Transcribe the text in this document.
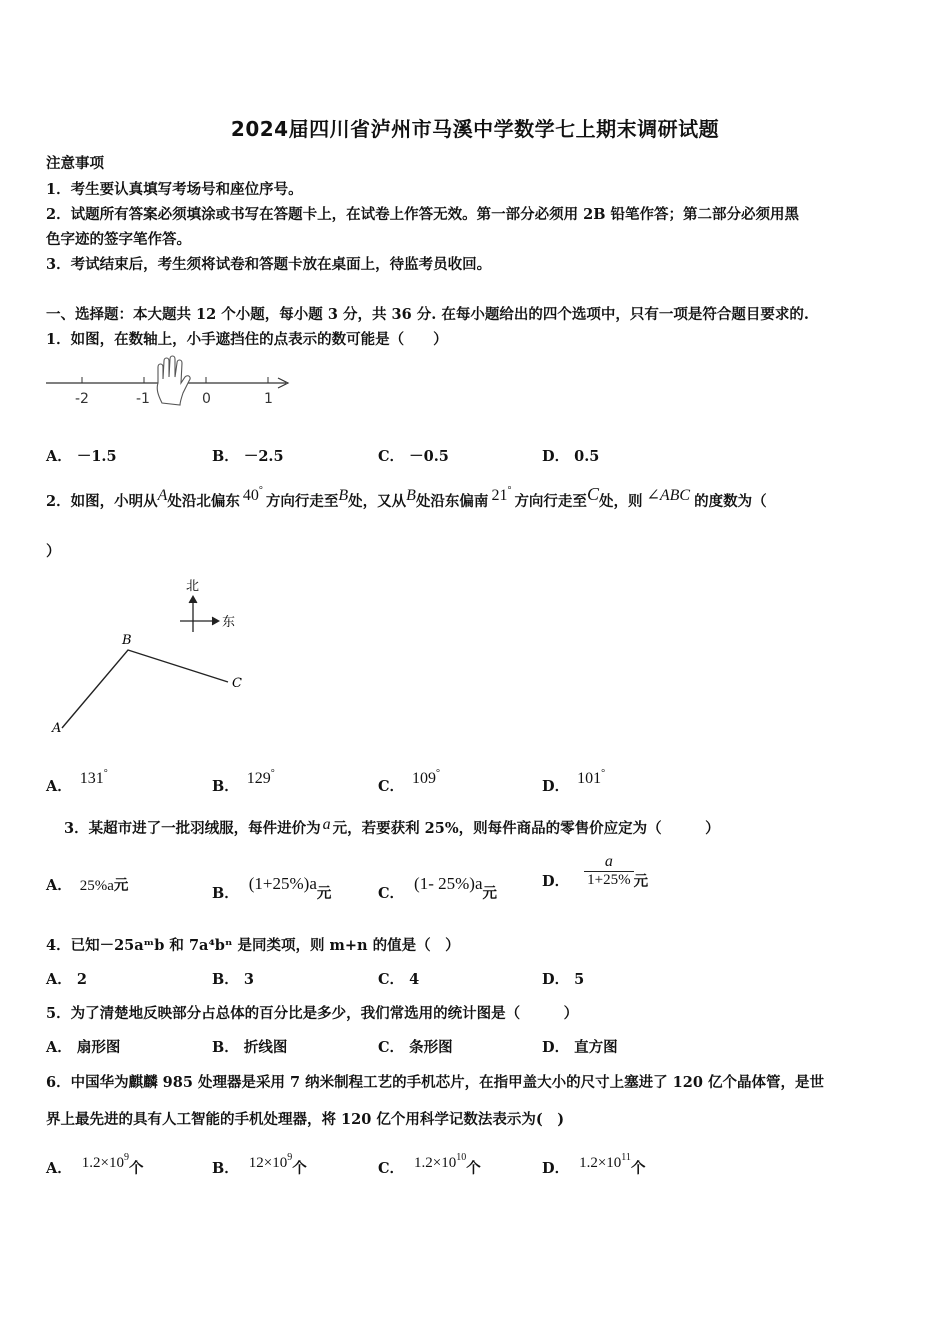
2024届四川省泸州市马溪中学数学七上期末调研试题
注意事项
1．考生要认真填写考场号和座位序号。
2．试题所有答案必须填涂或书写在答题卡上，在试卷上作答无效。第一部分必须用 2B 铅笔作答；第二部分必须用黑
色字迹的签字笔作答。
3．考试结束后，考生须将试卷和答题卡放在桌面上，待监考员收回。
一、选择题：本大题共 12 个小题，每小题 3 分，共 36 分. 在每小题给出的四个选项中，只有一项是符合题目要求的.
1．如图，在数轴上，小手遮挡住的点表示的数可能是（　　）
-2	-1	0	1
A． －1.5	B． －2.5	C． －0.5	D． 0.5
2．如图，小明从A处沿北偏东 40°方向行走至B处，又从B处沿东偏南 21°方向行走至C处，则 ∠ABC 的度数为（
）
北
东
A
B
C
A． 131°
B． 129°
C． 109°
D． 101°
3．某超市进了一批羽绒服，每件进价为 a 元，若要获利 25%，则每件商品的零售价应定为（　　　）
A． 25%a元	B．(1+25%)a元	C．(1- 25%)a元
D． $\frac{a}{1+25\%}$ 元
4．已知－25aᵐb 和 7a⁴bⁿ 是同类项，则 m+n 的值是（　）
A． 2	B． 3	C． 4	D． 5
5．为了清楚地反映部分占总体的百分比是多少，我们常选用的统计图是（　　　）
A． 扇形图	B． 折线图	C． 条形图	D． 直方图
6．中国华为麒麟 985 处理器是采用 7 纳米制程工艺的手机芯片，在指甲盖大小的尺寸上塞进了 120 亿个晶体管，是世
界上最先进的具有人工智能的手机处理器，将 120 亿个用科学记数法表示为(　)
A． $1.2\times 10^9$个	B． $12\times 10^9$个	C． $1.2\times 10^{10}$个	D． $1.2\times 10^{11}$个
